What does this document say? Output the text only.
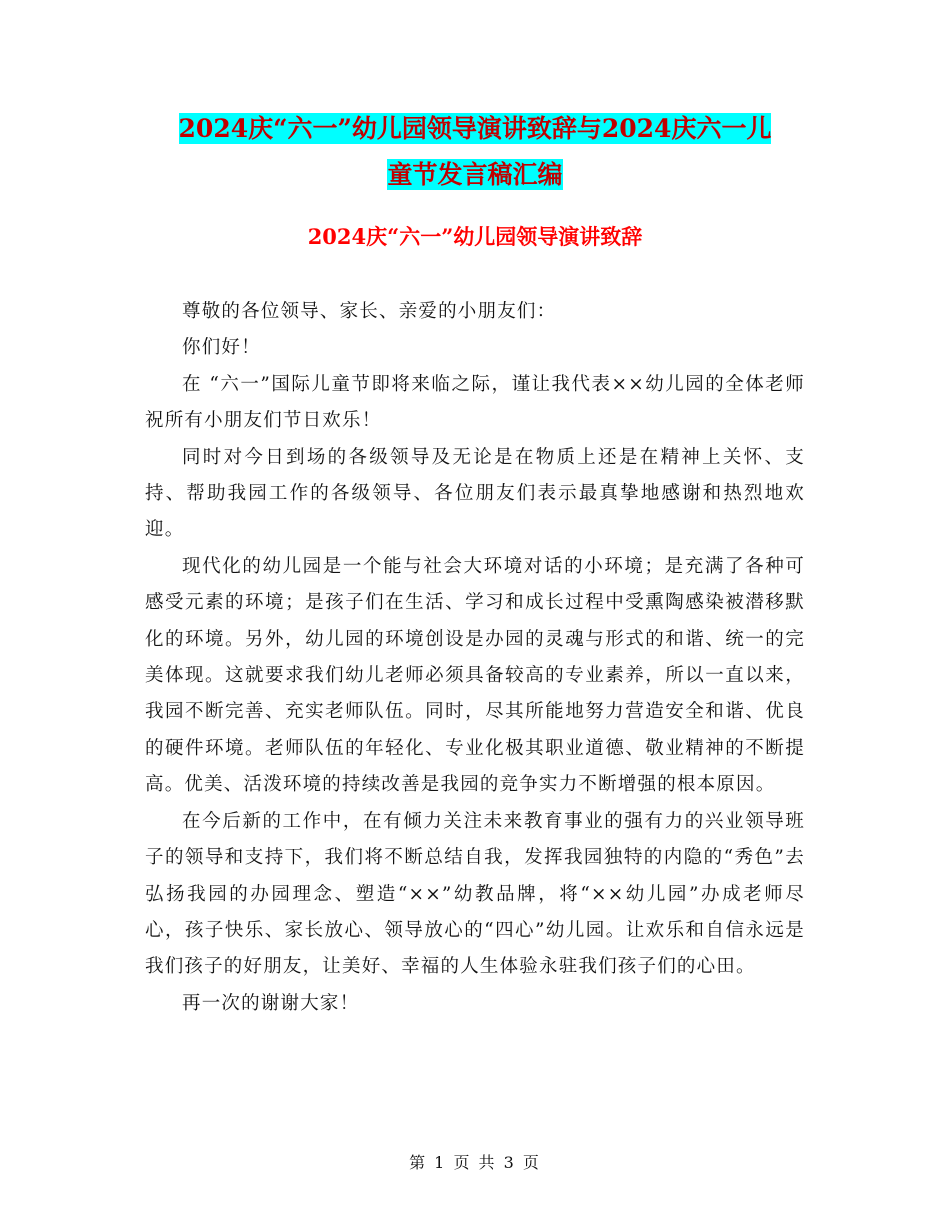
2024庆“六一”幼儿园领导演讲致辞与2024庆六一儿
童节发言稿汇编
2024庆“六一”幼儿园领导演讲致辞

尊敬的各位领导、家长、亲爱的小朋友们：

你们好！

在 “六一”国际儿童节即将来临之际，谨让我代表××幼儿园的全体老师祝所有小朋友们节日欢乐！

同时对今日到场的各级领导及无论是在物质上还是在精神上关怀、支持、帮助我园工作的各级领导、各位朋友们表示最真挚地感谢和热烈地欢迎。

现代化的幼儿园是一个能与社会大环境对话的小环境；是充满了各种可感受元素的环境；是孩子们在生活、学习和成长过程中受熏陶感染被潜移默化的环境。另外，幼儿园的环境创设是办园的灵魂与形式的和谐、统一的完美体现。这就要求我们幼儿老师必须具备较高的专业素养，所以一直以来，我园不断完善、充实老师队伍。同时，尽其所能地努力营造安全和谐、优良的硬件环境。老师队伍的年轻化、专业化极其职业道德、敬业精神的不断提高。优美、活泼环境的持续改善是我园的竞争实力不断增强的根本原因。

在今后新的工作中，在有倾力关注未来教育事业的强有力的兴业领导班子的领导和支持下，我们将不断总结自我，发挥我园独特的内隐的“秀色”去弘扬我园的办园理念、塑造“××”幼教品牌，将“××幼儿园”办成老师尽心，孩子快乐、家长放心、领导放心的“四心”幼儿园。让欢乐和自信永远是我们孩子的好朋友，让美好、幸福的人生体验永驻我们孩子们的心田。

再一次的谢谢大家！

第 1 页 共 3 页
